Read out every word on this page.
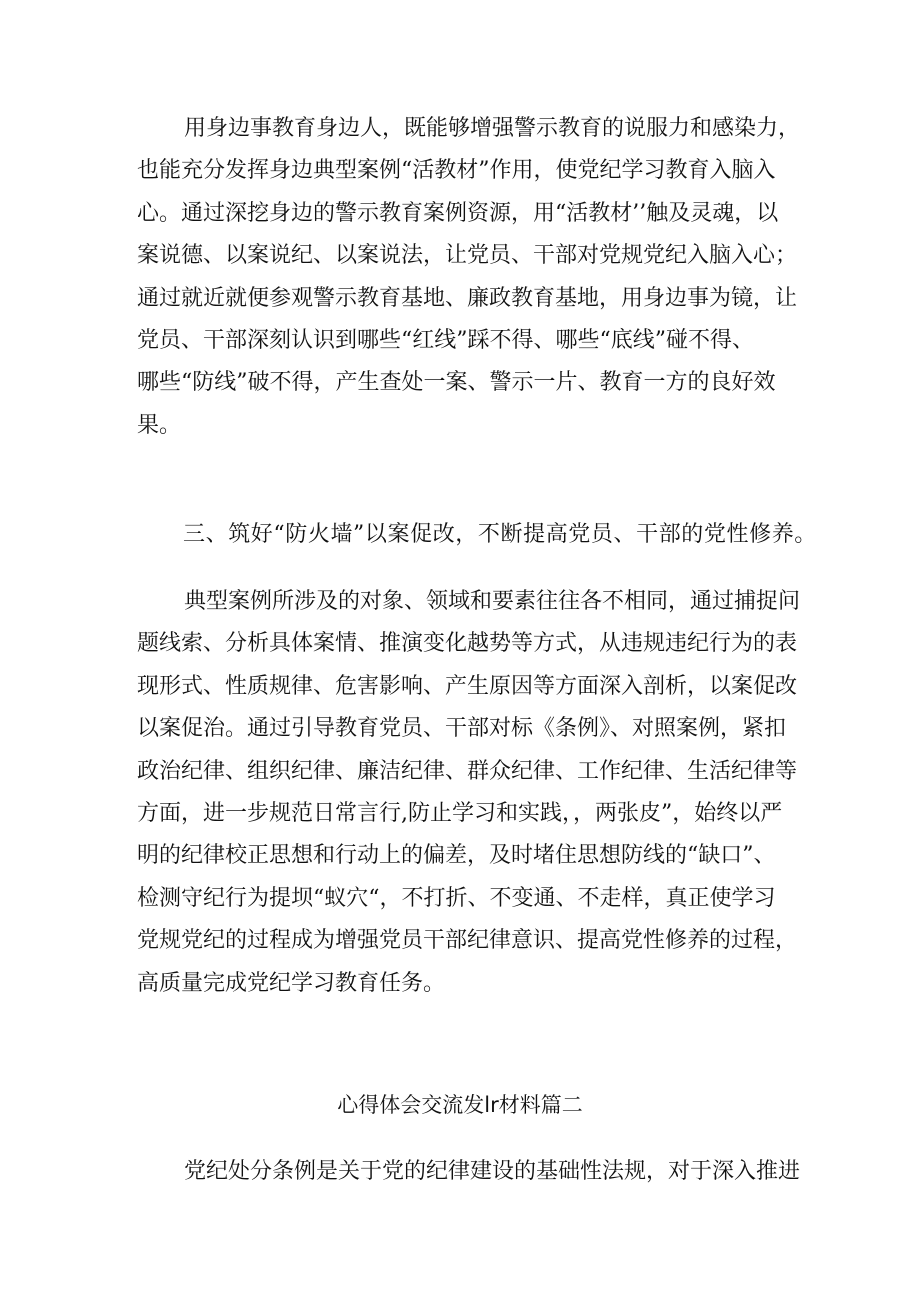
用身边事教育身边人，既能够增强警示教育的说服力和感染力，
也能充分发挥身边典型案例“活教材”作用，使党纪学习教育入脑入
心。通过深挖身边的警示教育案例资源，用“活教材’’触及灵魂，以
案说德、以案说纪、以案说法，让党员、干部对党规党纪入脑入心；
通过就近就便参观警示教育基地、廉政教育基地，用身边事为镜，让
党员、干部深刻认识到哪些“红线”踩不得、哪些“底线”碰不得、
哪些“防线”破不得，产生查处一案、警示一片、教育一方的良好效
果。
三、筑好“防火墙”以案促改，不断提高党员、干部的党性修养。
典型案例所涉及的对象、领域和要素往往各不相同，通过捕捉问
题线索、分析具体案情、推演变化越势等方式，从违规违纪行为的表
现形式、性质规律、危害影响、产生原因等方面深入剖析，以案促改
以案促治。通过引导教育党员、干部对标《条例》、对照案例，紧扣
政治纪律、组织纪律、廉洁纪律、群众纪律、工作纪律、生活纪律等
方面，进一步规范日常言行,防止学习和实践，，两张皮”，始终以严
明的纪律校正思想和行动上的偏差，及时堵住思想防线的“缺口”、
检测守纪行为提坝“蚁穴“，不打折、不变通、不走样，真正使学习
党规党纪的过程成为增强党员干部纪律意识、提高党性修养的过程，
高质量完成党纪学习教育任务。
心得体会交流发lr材料篇二
党纪处分条例是关于党的纪律建设的基础性法规，对于深入推进
